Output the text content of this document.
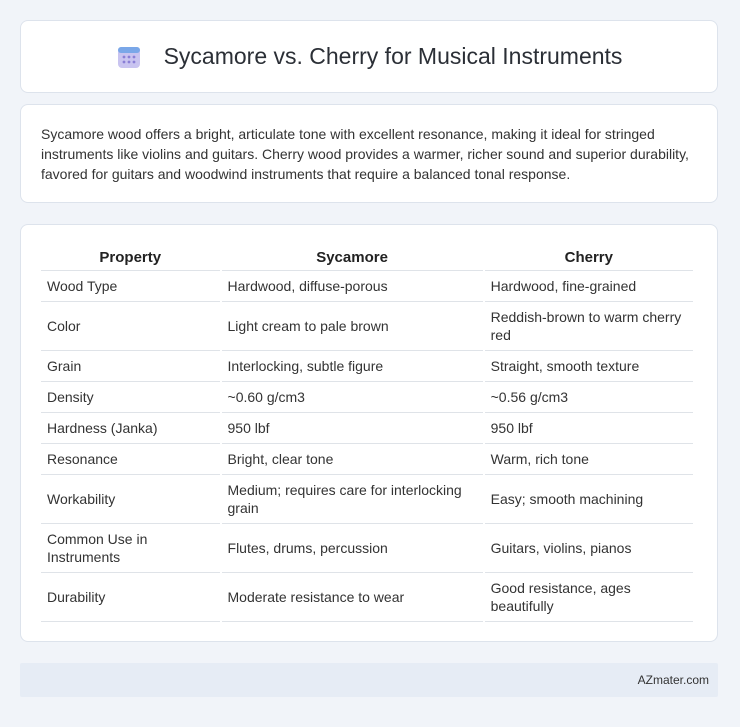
Sycamore vs. Cherry for Musical Instruments

Sycamore wood offers a bright, articulate tone with excellent resonance, making it ideal for stringed instruments like violins and guitars. Cherry wood provides a warmer, richer sound and superior durability, favored for guitars and woodwind instruments that require a balanced tonal response.

Property	Sycamore	Cherry
Wood Type	Hardwood, diffuse-porous	Hardwood, fine-grained
Color	Light cream to pale brown	Reddish-brown to warm cherry red
Grain	Interlocking, subtle figure	Straight, smooth texture
Density	~0.60 g/cm3	~0.56 g/cm3
Hardness (Janka)	950 lbf	950 lbf
Resonance	Bright, clear tone	Warm, rich tone
Workability	Medium; requires care for interlocking grain	Easy; smooth machining
Common Use in Instruments	Flutes, drums, percussion	Guitars, violins, pianos
Durability	Moderate resistance to wear	Good resistance, ages beautifully
AZmater.com
